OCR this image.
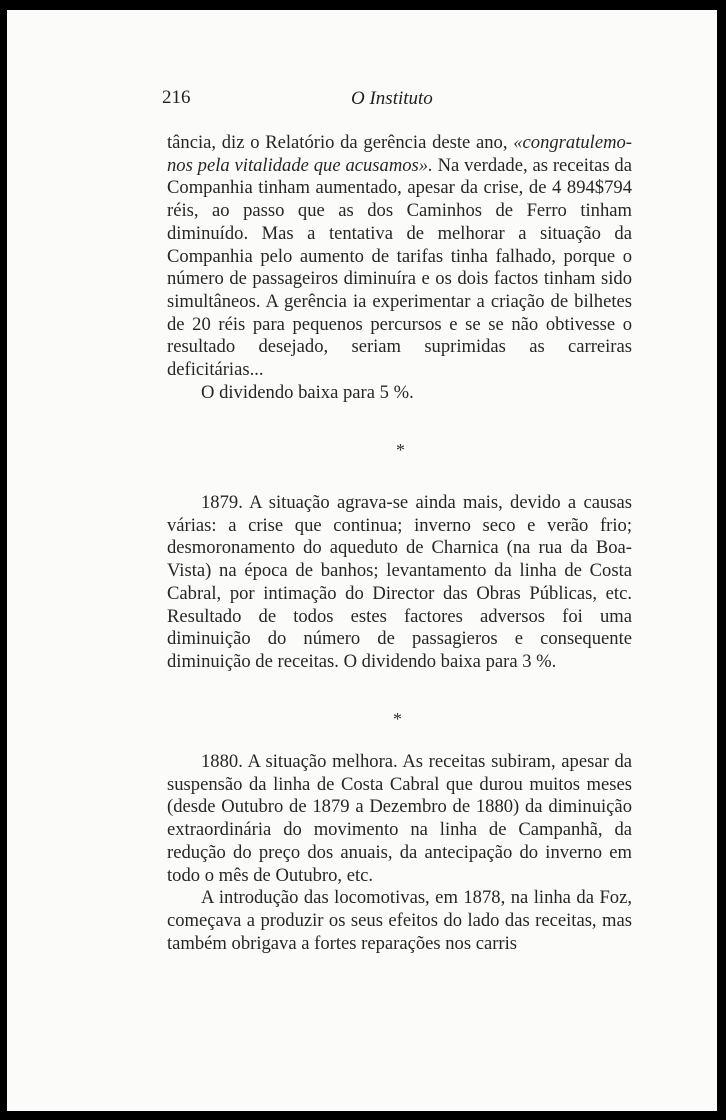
216	O Instituto

tância, diz o Relatório da gerência deste ano, «congratulemo-nos pela vitalidade que acusamos». Na verdade, as receitas da Companhia tinham aumentado, apesar da crise, de 4 894$794 réis, ao passo que as dos Caminhos de Ferro tinham diminuído. Mas a tentativa de melhorar a situação da Companhia pelo aumento de tarifas tinha falhado, porque o número de passageiros diminuíra e os dois factos tinham sido simultâneos. A gerência ia experimentar a criação de bilhetes de 20 réis para pequenos percursos e se se não obtivesse o resultado desejado, seriam suprimidas as carreiras deficitárias...

O dividendo baixa para 5 %.

*

1879. A situação agrava-se ainda mais, devido a causas várias: a crise que continua; inverno seco e verão frio; desmoronamento do aqueduto de Charnica (na rua da Boa-Vista) na época de banhos; levantamento da linha de Costa Cabral, por intimação do Director das Obras Públicas, etc. Resultado de todos estes factores adversos foi uma diminuição do número de passagieros e consequente diminuição de receitas. O dividendo baixa para 3 %.

*

1880. A situação melhora. As receitas subiram, apesar da suspensão da linha de Costa Cabral que durou muitos meses (desde Outubro de 1879 a Dezembro de 1880) da diminuição extraordinária do movimento na linha de Campanhã, da redução do preço dos anuais, da antecipação do inverno em todo o mês de Outubro, etc.

A introdução das locomotivas, em 1878, na linha da Foz, começava a produzir os seus efeitos do lado das receitas, mas também obrigava a fortes reparações nos carris
